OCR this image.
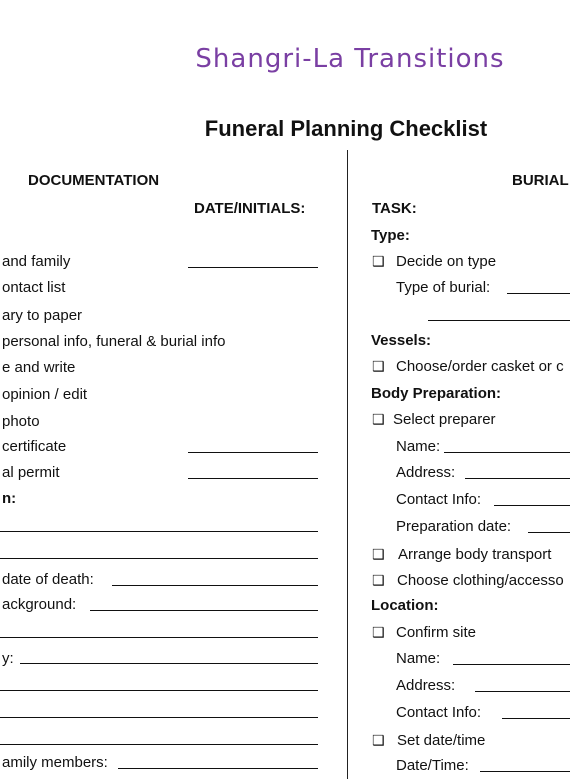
Shangri-La Transitions
Funeral Planning Checklist
DOCUMENTATION
DATE/INITIALS:
and family
ontact list
ary to paper
personal info, funeral & burial info
e and write
opinion / edit
photo
certificate
al permit
n:
date of death:
ackground:
y:
amily members:
BURIAL
TASK:
Type:
❑ Decide on type
Type of burial:
Vessels:
❑ Choose/order casket or c
Body Preparation:
❑ Select preparer
Name:
Address:
Contact Info:
Preparation date:
❑ Arrange body transport
❑ Choose clothing/accesso
Location:
❑ Confirm site
Name:
Address:
Contact Info:
❑ Set date/time
Date/Time:
